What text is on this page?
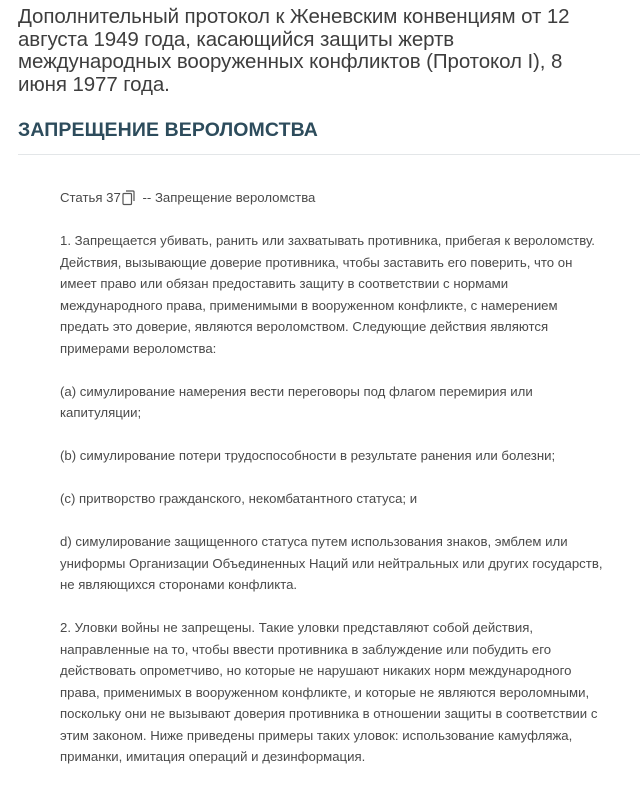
Дополнительный протокол к Женевским конвенциям от 12
августа 1949 года, касающийся защиты жертв
международных вооруженных конфликтов (Протокол I), 8
июня 1977 года.
ЗАПРЕЩЕНИЕ ВЕРОЛОМСТВА
Статья 37 -- Запрещение вероломства

1. Запрещается убивать, ранить или захватывать противника, прибегая к вероломству.
Действия, вызывающие доверие противника, чтобы заставить его поверить, что он
имеет право или обязан предоставить защиту в соответствии с нормами
международного права, применимыми в вооруженном конфликте, с намерением
предать это доверие, являются вероломством. Следующие действия являются
примерами вероломства:

(a) симулирование намерения вести переговоры под флагом перемирия или
капитуляции;

(b) симулирование потери трудоспособности в результате ранения или болезни;

(c) притворство гражданского, некомбатантного статуса; и

d) симулирование защищенного статуса путем использования знаков, эмблем или
униформы Организации Объединенных Наций или нейтральных или других государств,
не являющихся сторонами конфликта.

2. Уловки войны не запрещены. Такие уловки представляют собой действия,
направленные на то, чтобы ввести противника в заблуждение или побудить его
действовать опрометчиво, но которые не нарушают никаких норм международного
права, применимых в вооруженном конфликте, и которые не являются вероломными,
поскольку они не вызывают доверия противника в отношении защиты в соответствии с
этим законом. Ниже приведены примеры таких уловок: использование камуфляжа,
приманки, имитация операций и дезинформация.
